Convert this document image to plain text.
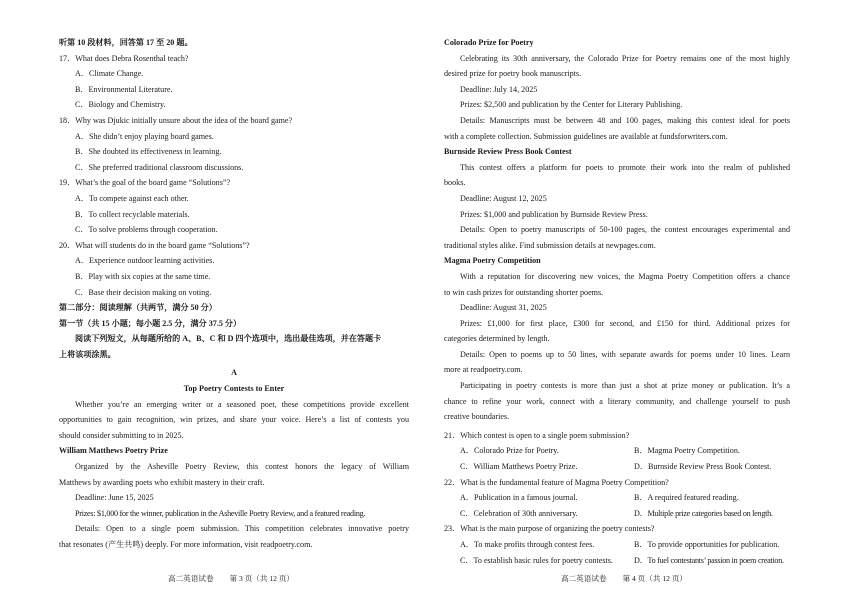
听第 10 段材料，回答第 17 至 20 题。
17．What does Debra Rosenthal teach?
A．Climate Change.
B．Environmental Literature.
C．Biology and Chemistry.
18．Why was Djukic initially unsure about the idea of the board game?
A．She didn’t enjoy playing board games.
B．She doubted its effectiveness in learning.
C．She preferred traditional classroom discussions.
19．What’s the goal of the board game “Solutions”?
A．To compete against each other.
B．To collect recyclable materials.
C．To solve problems through cooperation.
20．What will students do in the board game “Solutions”?
A．Experience outdoor learning activities.
B．Play with six copies at the same time.
C．Base their decision making on voting.
第二部分：阅读理解（共两节，满分 50 分）
第一节（共 15 小题；每小题 2.5 分，满分 37.5 分）
阅读下列短文，从每题所给的 A、B、C 和 D 四个选项中，选出最佳选项，并在答题卡
上将该项涂黑。
A
Top Poetry Contests to Enter
Whether you’re an emerging writer or a seasoned poet, these competitions provide excellent
opportunities to gain recognition, win prizes, and share your voice. Here’s a list of contests you
should consider submitting to in 2025.
William Matthews Poetry Prize
Organized by the Asheville Poetry Review, this contest honors the legacy of William
Matthews by awarding poets who exhibit mastery in their craft.
Deadline: June 15, 2025
Prizes: $1,000 for the winner, publication in the Asheville Poetry Review, and a featured reading.
Details: Open to a single poem submission. This competition celebrates innovative poetry
that resonates (产生共鸣) deeply. For more information, visit readpoetry.com.
Colorado Prize for Poetry
Celebrating its 30th anniversary, the Colorado Prize for Poetry remains one of the most highly
desired prize for poetry book manuscripts.
Deadline: July 14, 2025
Prizes: $2,500 and publication by the Center for Literary Publishing.
Details: Manuscripts must be between 48 and 100 pages, making this contest ideal for poets
with a complete collection. Submission guidelines are available at fundsforwriters.com.
Burnside Review Press Book Contest
This contest offers a platform for poets to promote their work into the realm of published
books.
Deadline: August 12, 2025
Prizes: $1,000 and publication by Burnside Review Press.
Details: Open to poetry manuscripts of 50-100 pages, the contest encourages experimental and
traditional styles alike. Find submission details at newpages.com.
Magma Poetry Competition
With a reputation for discovering new voices, the Magma Poetry Competition offers a chance
to win cash prizes for outstanding shorter poems.
Deadline: August 31, 2025
Prizes: £1,000 for first place, £300 for second, and £150 for third. Additional prizes for
categories determined by length.
Details: Open to poems up to 50 lines, with separate awards for poems under 10 lines. Learn
more at readpoetry.com.
Participating in poetry contests is more than just a shot at prize money or publication. It’s a
chance to refine your work, connect with a literary community, and challenge yourself to push
creative boundaries.
21．Which contest is open to a single poem submission?
A．Colorado Prize for Poetry.	B．Magma Poetry Competition.
C．William Matthews Poetry Prize.	D．Burnside Review Press Book Contest.
22．What is the fundamental feature of Magma Poetry Competition?
A．Publication in a famous journal.	B．A required featured reading.
C．Celebration of 30th anniversary.	D．Multiple prize categories based on length.
23．What is the main purpose of organizing the poetry contests?
A．To make profits through contest fees.	B．To provide opportunities for publication.
C．To establish basic rules for poetry contests.	D．To fuel contestants’ passion in poem creation.
高二英语试卷 第 3 页（共 12 页）	高二英语试卷 第 4 页（共 12 页）
